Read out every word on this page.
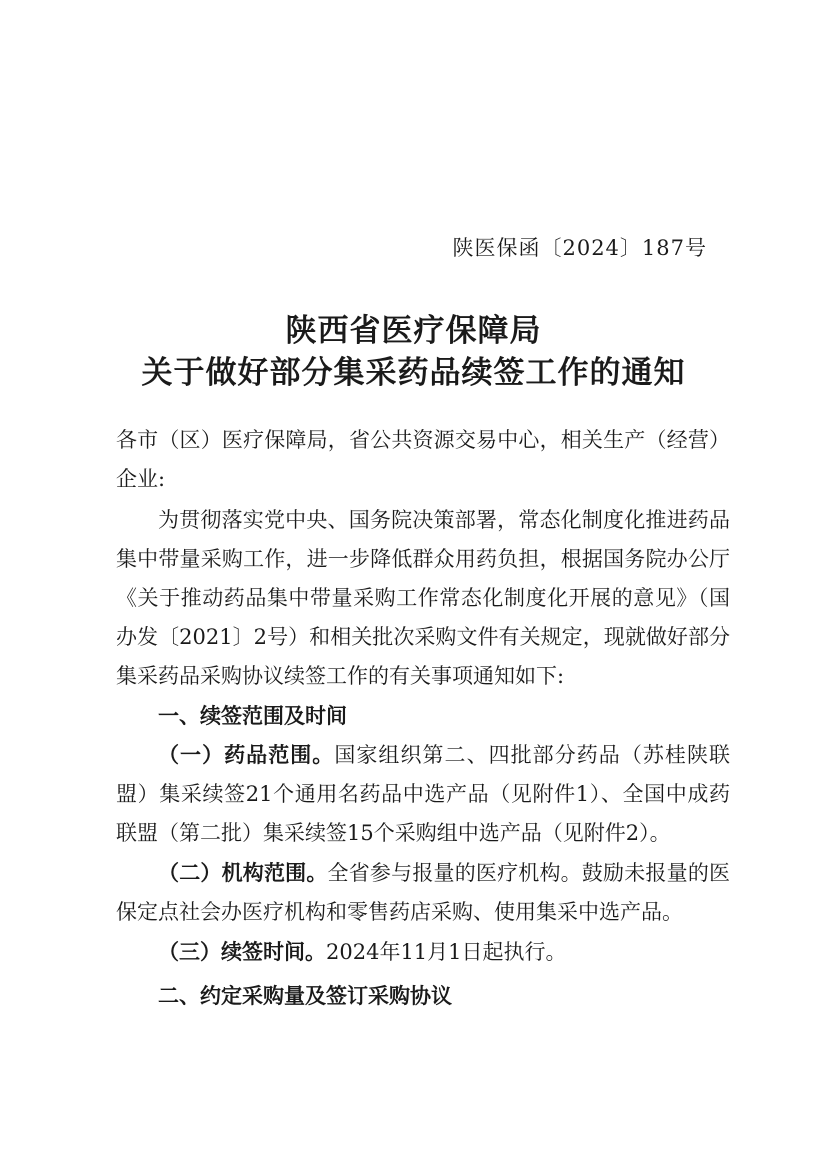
陕医保函〔2024〕187号
陕西省医疗保障局
关于做好部分集采药品续签工作的通知

各市（区）医疗保障局，省公共资源交易中心，相关生产（经营）企业:

为贯彻落实党中央、国务院决策部署，常态化制度化推进药品集中带量采购工作，进一步降低群众用药负担，根据国务院办公厅《关于推动药品集中带量采购工作常态化制度化开展的意见》（国办发〔2021〕2号）和相关批次采购文件有关规定，现就做好部分集采药品采购协议续签工作的有关事项通知如下:

一、续签范围及时间

（一）药品范围。国家组织第二、四批部分药品（苏桂陕联盟）集采续签21个通用名药品中选产品（见附件1）、全国中成药联盟（第二批）集采续签15个采购组中选产品（见附件2）。

（二）机构范围。全省参与报量的医疗机构。鼓励未报量的医保定点社会办医疗机构和零售药店采购、使用集采中选产品。

（三）续签时间。2024年11月1日起执行。

二、约定采购量及签订采购协议
